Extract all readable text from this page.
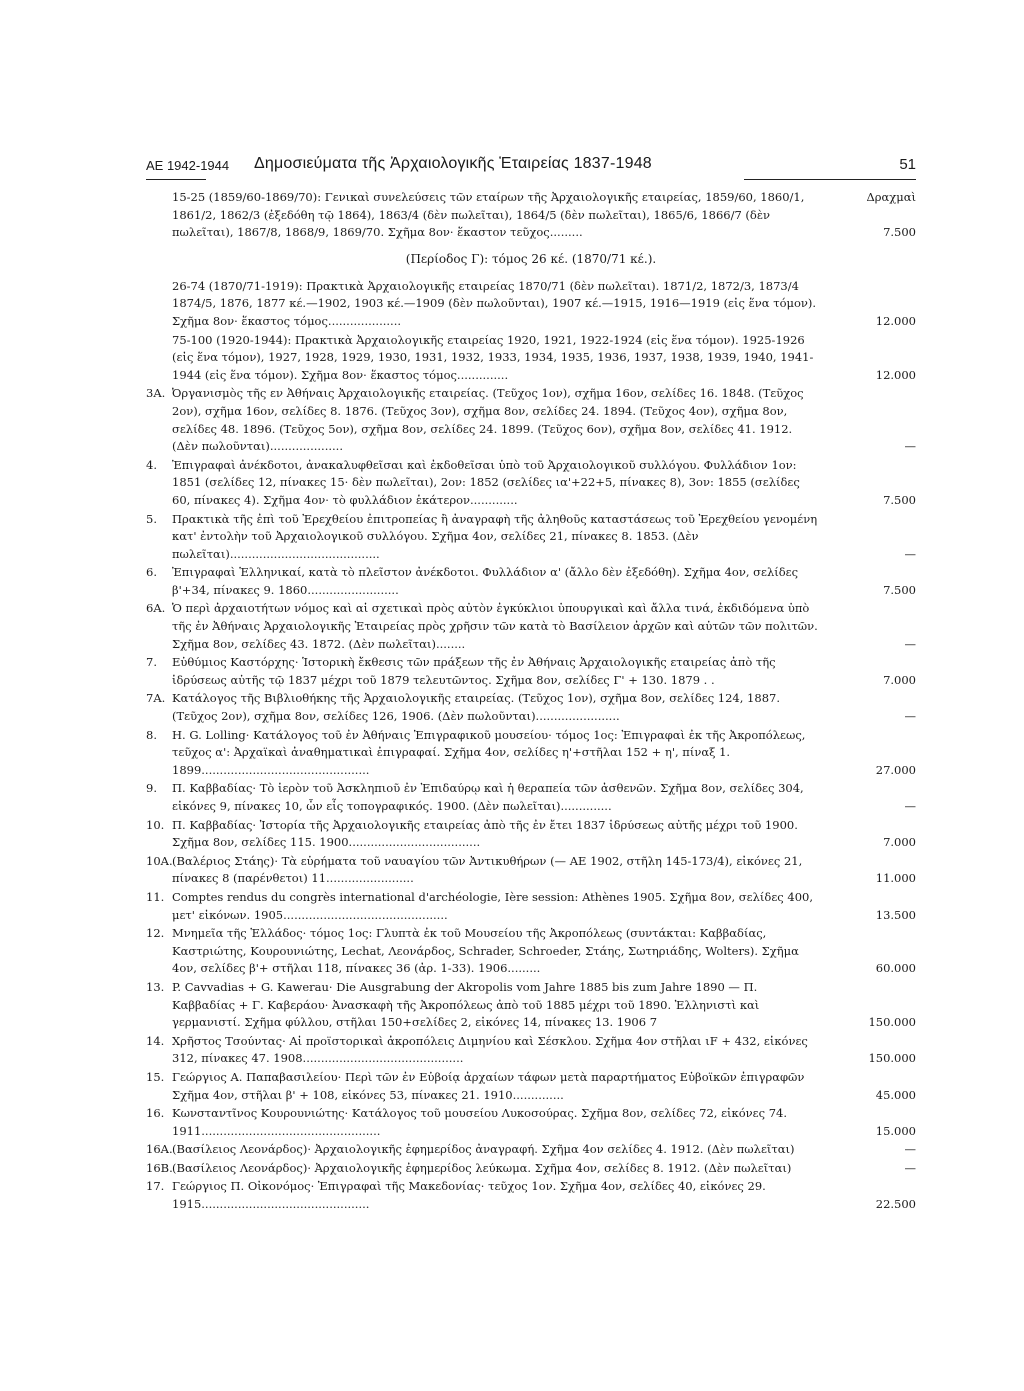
ΑΕ 1942-1944 Δημοσιεύματα τῆς Ἀρχαιολογικῆς Ἑταιρείας 1837-1948	51
Δραχμαὶ
15-25 (1859/60-1869/70): Γενικαὶ συνελεύσεις τῶν εταίρων τῆς Ἀρχαιολογικῆς εταιρείας, 1859/60, 1860/1, 1861/2, 1862/3 (ἐξεδόθη τῷ 1864), 1863/4 (δὲν πωλεῖται), 1864/5 (δὲν πωλεῖται), 1865/6, 1866/7 (δὲν πωλεῖται), 1867/8, 1868/9, 1869/70. Σχῆμα 8ον· ἕκαστον τεῦχος.........	7.500
(Περίοδος Γ): τόμος 26 κέ. (1870/71 κέ.).
26-74 (1870/71-1919): Πρακτικὰ Ἀρχαιολογικῆς εταιρείας 1870/71 (δὲν πωλεῖται). 1871/2, 1872/3, 1873/4 1874/5, 1876, 1877 κέ.—1902, 1903 κέ.—1909 (δὲν πωλοῦνται), 1907 κέ.—1915, 1916—1919 (εἰς ἕνα τόμον). Σχῆμα 8ον· ἕκαστος τόμος....................	12.000
75-100 (1920-1944): Πρακτικὰ Ἀρχαιολογικῆς εταιρείας 1920, 1921, 1922-1924 (εἰς ἕνα τόμον). 1925-1926 (εἰς ἕνα τόμον), 1927, 1928, 1929, 1930, 1931, 1932, 1933, 1934, 1935, 1936, 1937, 1938, 1939, 1940, 1941-1944 (εἰς ἕνα τόμον). Σχῆμα 8ον· ἕκαστος τόμος..............	12.000
3Α. Ὀργανισμὸς τῆς εν Ἀθήναις Ἀρχαιολογικῆς εταιρείας. (Τεῦχος 1ον), σχῆμα 16ον, σελίδες 16. 1848. (Τεῦχος 2ον), σχῆμα 16ον, σελίδες 8. 1876. (Τεῦχος 3ον), σχῆμα 8ον, σελίδες 24. 1894. (Τεῦχος 4ον), σχῆμα 8ον, σελίδες 48. 1896. (Τεῦχος 5ον), σχῆμα 8ον, σελίδες 24. 1899. (Τεῦχος 6ον), σχῆμα 8ον, σελίδες 41. 1912. (Δὲν πωλοῦνται)....................	—
4.	Ἐπιγραφαὶ ἀνέκδοτοι, ἀνακαλυφθεῖσαι καὶ ἐκδοθεῖσαι ὑπὸ τοῦ Ἀρχαιολογικοῦ συλλόγου. Φυλλάδιον 1ον: 1851 (σελίδες 12, πίνακες 15· δὲν πωλεῖται), 2ον: 1852 (σελίδες ια'+22+5, πίνακες 8), 3ον: 1855 (σελίδες 60, πίνακες 4). Σχῆμα 4ον· τὸ φυλλάδιον ἑκάτερον.............	7.500
5.	Πρακτικὰ τῆς ἐπὶ τοῦ Ἐρεχθείου ἐπιτροπείας ἢ ἀναγραφὴ τῆς ἀληθοῦς καταστάσεως τοῦ Ἐρεχθείου γενομένη κατ' ἐντολὴν τοῦ Ἀρχαιολογικοῦ συλλόγου. Σχῆμα 4ον, σελίδες 21, πίνακες 8. 1853. (Δὲν πωλεῖται).........................................	—
6.	Ἐπιγραφαὶ Ἑλληνικαί, κατὰ τὸ πλεῖστον ἀνέκδοτοι. Φυλλάδιον α' (ἄλλο δὲν ἐξεδόθη). Σχῆμα 4ον, σελίδες β'+34, πίνακες 9. 1860.........................	7.500
6Α. Ὁ περὶ ἀρχαιοτήτων νόμος καὶ αἱ σχετικαὶ πρὸς αὐτὸν ἐγκύκλιοι ὑπουργικαὶ καὶ ἄλλα τινά, ἐκδιδόμενα ὑπὸ τῆς ἐν Ἀθήναις Ἀρχαιολογικῆς Ἑταιρείας πρὸς χρῆσιν τῶν κατὰ τὸ Βασίλειον ἀρχῶν καὶ αὐτῶν τῶν πολιτῶν. Σχῆμα 8ον, σελίδες 43. 1872. (Δὲν πωλεῖται)........	—
7.	Εὐθύμιος Καστόρχης· Ἱστορικὴ ἔκθεσις τῶν πράξεων τῆς ἐν Ἀθήναις Ἀρχαιολογικῆς εταιρείας ἀπὸ τῆς ἱδρύσεως αὐτῆς τῷ 1837 μέχρι τοῦ 1879 τελευτῶντος. Σχῆμα 8ον, σελίδες Γ' + 130. 1879 . .	7.000
7Α. Κατάλογος τῆς Βιβλιοθήκης τῆς Ἀρχαιολογικῆς εταιρείας. (Τεῦχος 1ον), σχῆμα 8ον, σελίδες 124, 1887. (Τεῦχος 2ον), σχῆμα 8ον, σελίδες 126, 1906. (Δὲν πωλοῦνται).......................	—
8.	H. G. Lolling· Κατάλογος τοῦ ἐν Ἀθήναις Ἐπιγραφικοῦ μουσείου· τόμος 1ος: Ἐπιγραφαὶ ἐκ τῆς Ἀκροπόλεως, τεῦχος α': Ἀρχαϊκαὶ ἀναθηματικαὶ ἐπιγραφαί. Σχῆμα 4ον, σελίδες η'+στῆλαι 152 + η', πίναξ 1. 1899..............................................	27.000
9.	Π. Καββαδίας· Τὸ ἱερὸν τοῦ Ἀσκληπιοῦ ἐν Ἐπιδαύρῳ καὶ ἡ θεραπεία τῶν ἀσθενῶν. Σχῆμα 8ον, σελίδες 304, εἰκόνες 9, πίνακες 10, ὧν εἷς τοπογραφικός. 1900. (Δὲν πωλεῖται)..............	—
10. Π. Καββαδίας· Ἱστορία τῆς Ἀρχαιολογικῆς εταιρείας ἀπὸ τῆς ἐν ἔτει 1837 ἱδρύσεως αὐτῆς μέχρι τοῦ 1900. Σχῆμα 8ον, σελίδες 115. 1900....................................	7.000
10Α. (Βαλέριος Στάης)· Τὰ εὑρήματα τοῦ ναυαγίου τῶν Ἀντικυθήρων (— ΑΕ 1902, στῆλη 145-173/4), εἰκόνες 21, πίνακες 8 (παρένθετοι) 11........................	11.000
11. Comptes rendus du congrès international d'archéologie, Ière session: Athènes 1905. Σχῆμα 8ον, σελίδες 400, μετ' εἰκόνων. 1905.............................................	13.500
12. Μνημεῖα τῆς Ἑλλάδος· τόμος 1ος: Γλυπτὰ ἐκ τοῦ Μουσείου τῆς Ἀκροπόλεως (συντάκται: Καββαδίας, Καστριώτης, Κουρουνιώτης, Lechat, Λεονάρδος, Schrader, Schroeder, Στάης, Σωτηριάδης, Wolters). Σχῆμα 4ον, σελίδες β'+ στῆλαι 118, πίνακες 36 (ἀρ. 1-33). 1906.........	60.000
13. P. Cavvadias + G. Kawerau· Die Ausgrabung der Akropolis vom Jahre 1885 bis zum Jahre 1890 — Π. Καββαδίας + Γ. Καβεράου· Ἀνασκαφὴ τῆς Ἀκροπόλεως ἀπὸ τοῦ 1885 μέχρι τοῦ 1890. Ἑλληνιστὶ καὶ γερμανιστί. Σχῆμα φύλλου, στῆλαι 150+σελίδες 2, εἰκόνες 14, πίνακες 13. 1906 7	150.000
14. Χρῆστος Τσούντας· Αἱ προϊστορικαὶ ἀκροπόλεις Διμηνίου καὶ Σέσκλου. Σχῆμα 4ον στῆλαι ιF + 432, εἰκόνες 312, πίνακες 47. 1908............................................	150.000
15. Γεώργιος Α. Παπαβασιλείου· Περὶ τῶν ἐν Εὐβοίᾳ ἀρχαίων τάφων μετὰ παραρτήματος Εὐβοϊκῶν ἐπιγραφῶν Σχῆμα 4ον, στῆλαι β' + 108, εἰκόνες 53, πίνακες 21. 1910..............	45.000
16. Κωνσταντῖνος Κουρουνιώτης· Κατάλογος τοῦ μουσείου Λυκοσούρας. Σχῆμα 8ον, σελίδες 72, εἰκόνες 74. 1911.................................................	15.000
16Α. (Βασίλειος Λεονάρδος)· Ἀρχαιολογικῆς ἐφημερίδος ἀναγραφή. Σχῆμα 4ον σελίδες 4. 1912. (Δὲν πωλεῖται)	—
16Β. (Βασίλειος Λεονάρδος)· Ἀρχαιολογικῆς ἐφημερίδος λεύκωμα. Σχῆμα 4ον, σελίδες 8. 1912. (Δὲν πωλεῖται)	—
17. Γεώργιος Π. Οἰκονόμος· Ἐπιγραφαὶ τῆς Μακεδονίας· τεῦχος 1ον. Σχῆμα 4ον, σελίδες 40, εἰκόνες 29. 1915..............................................	22.500
